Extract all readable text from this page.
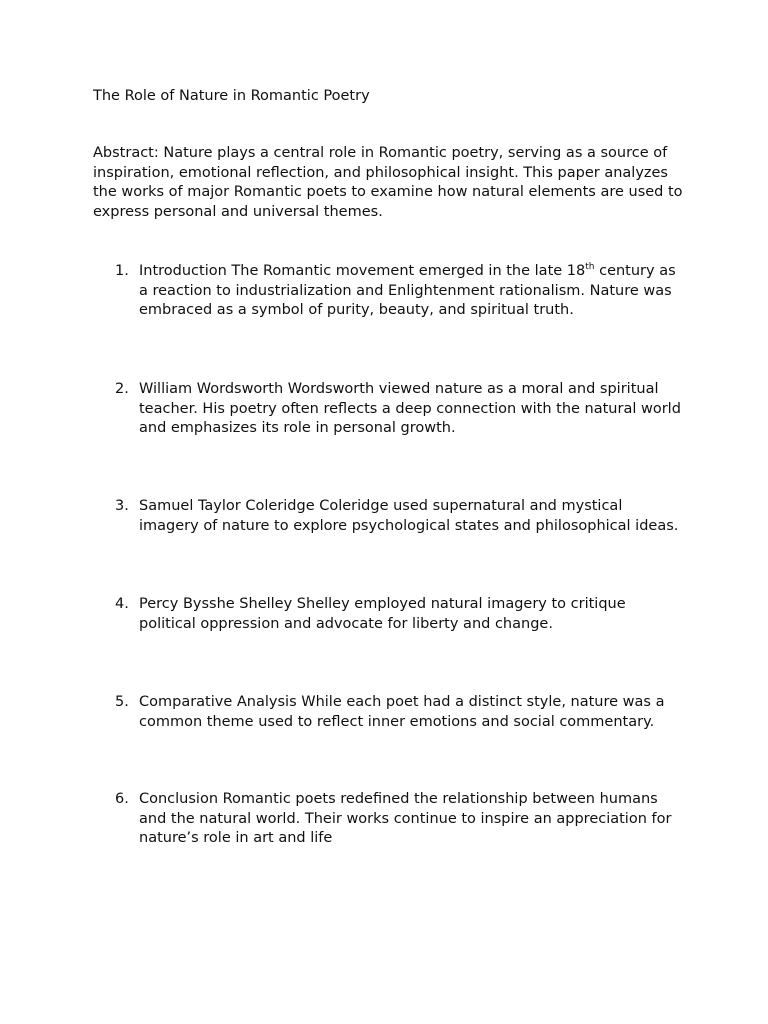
The Role of Nature in Romantic Poetry

Abstract: Nature plays a central role in Romantic poetry, serving as a source of inspiration, emotional reflection, and philosophical insight. This paper analyzes the works of major Romantic poets to examine how natural elements are used to express personal and universal themes.

1. Introduction The Romantic movement emerged in the late 18th century as a reaction to industrialization and Enlightenment rationalism. Nature was embraced as a symbol of purity, beauty, and spiritual truth.
2. William Wordsworth Wordsworth viewed nature as a moral and spiritual teacher. His poetry often reflects a deep connection with the natural world and emphasizes its role in personal growth.
3. Samuel Taylor Coleridge Coleridge used supernatural and mystical imagery of nature to explore psychological states and philosophical ideas.
4. Percy Bysshe Shelley Shelley employed natural imagery to critique political oppression and advocate for liberty and change.
5. Comparative Analysis While each poet had a distinct style, nature was a common theme used to reflect inner emotions and social commentary.
6. Conclusion Romantic poets redefined the relationship between humans and the natural world. Their works continue to inspire an appreciation for nature’s role in art and life
